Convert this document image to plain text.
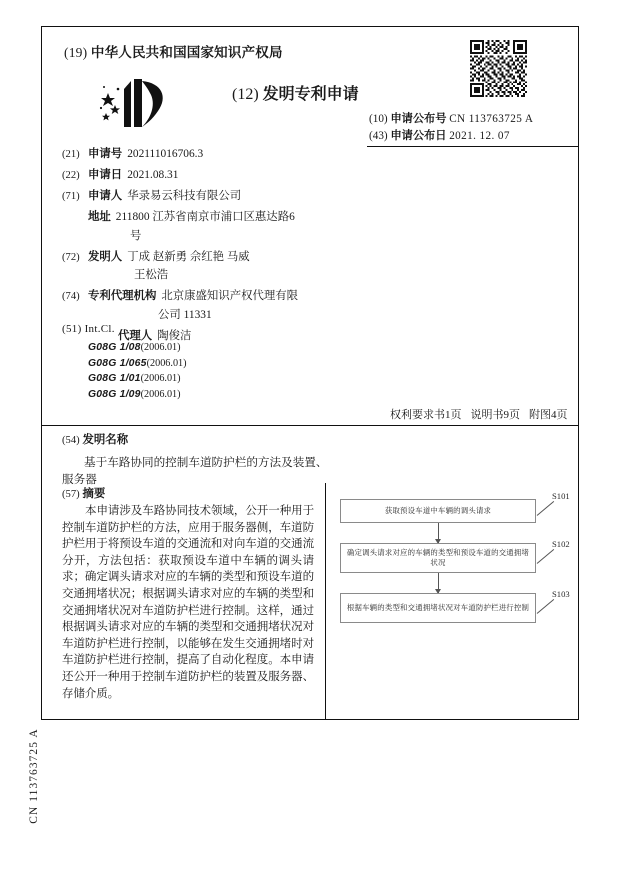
(19) 中华人民共和国国家知识产权局
(12) 发明专利申请
(10) 申请公布号 CN 113763725 A
(43) 申请公布日 2021. 12. 07
(21) 申请号 202111016706.3
(22) 申请日 2021.08.31
(71) 申请人 华录易云科技有限公司
地址 211800 江苏省南京市浦口区惠达路6
号
(72) 发明人 丁成 赵新勇 佘红艳 马威
王松浩
(74) 专利代理机构 北京康盛知识产权代理有限
公司 11331
代理人 陶俊洁
(51) Int.Cl.
G08G 1/08(2006.01)
G08G 1/065(2006.01)
G08G 1/01(2006.01)
G08G 1/09(2006.01)
权利要求书1页 说明书9页 附图4页
(54) 发明名称
基于车路协同的控制车道防护栏的方法及装置、服务器
(57) 摘要
本申请涉及车路协同技术领域，公开一种用于控制车道防护栏的方法，应用于服务器侧，车道防护栏用于将预设车道的交通流和对向车道的交通流分开，方法包括：获取预设车道中车辆的调头请求；确定调头请求对应的车辆的类型和预设车道的交通拥堵状况；根据调头请求对应的车辆的类型和交通拥堵状况对车道防护栏进行控制。这样，通过根据调头请求对应的车辆的类型和交通拥堵状况对车道防护栏进行控制，以能够在发生交通拥堵时对车道防护栏进行控制，提高了自动化程度。本申请还公开一种用于控制车道防护栏的装置及服务器、存储介质。
获取预设车道中车辆的调头请求
确定调头请求对应的车辆的类型和预设车道的交通拥堵状况
根据车辆的类型和交通拥堵状况对车道防护栏进行控制
S101
S102
S103
CN 113763725 A
